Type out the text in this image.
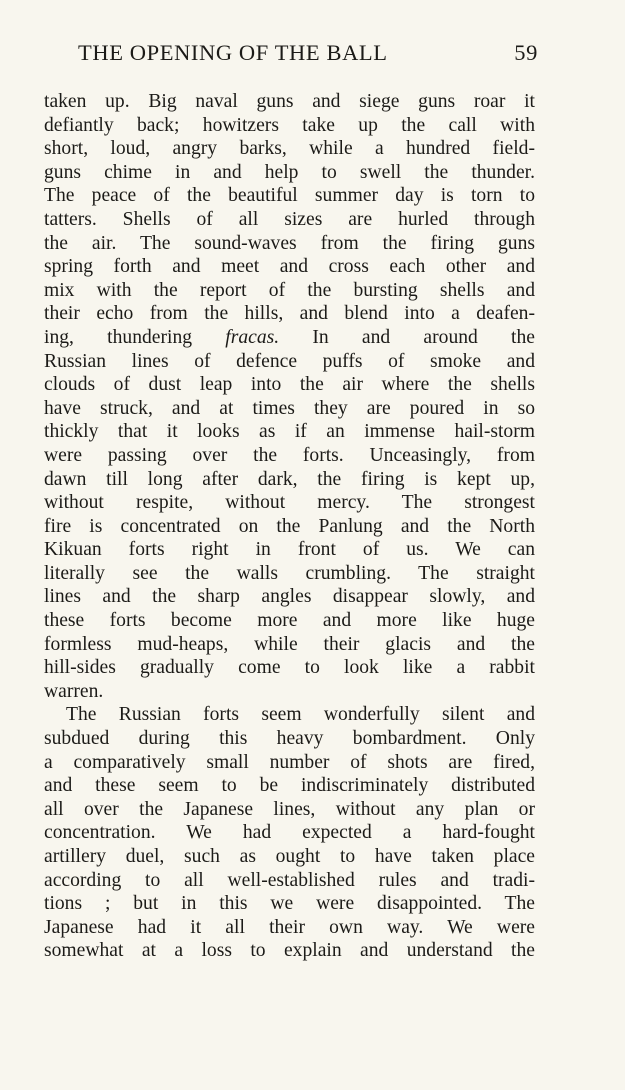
THE OPENING OF THE BALL	59
taken up. Big naval guns and siege guns roar it
defiantly back; howitzers take up the call with
short, loud, angry barks, while a hundred field-
guns chime in and help to swell the thunder.
The peace of the beautiful summer day is torn to
tatters. Shells of all sizes are hurled through
the air. The sound-waves from the firing guns
spring forth and meet and cross each other and
mix with the report of the bursting shells and
their echo from the hills, and blend into a deafen-
ing, thundering fracas. In and around the
Russian lines of defence puffs of smoke and
clouds of dust leap into the air where the shells
have struck, and at times they are poured in so
thickly that it looks as if an immense hail-storm
were passing over the forts. Unceasingly, from
dawn till long after dark, the firing is kept up,
without respite, without mercy. The strongest
fire is concentrated on the Panlung and the North
Kikuan forts right in front of us. We can
literally see the walls crumbling. The straight
lines and the sharp angles disappear slowly, and
these forts become more and more like huge
formless mud-heaps, while their glacis and the
hill-sides gradually come to look like a rabbit
warren.
The Russian forts seem wonderfully silent and
subdued during this heavy bombardment. Only
a comparatively small number of shots are fired,
and these seem to be indiscriminately distributed
all over the Japanese lines, without any plan or
concentration. We had expected a hard-fought
artillery duel, such as ought to have taken place
according to all well-established rules and tradi-
tions ; but in this we were disappointed. The
Japanese had it all their own way. We were
somewhat at a loss to explain and understand the
